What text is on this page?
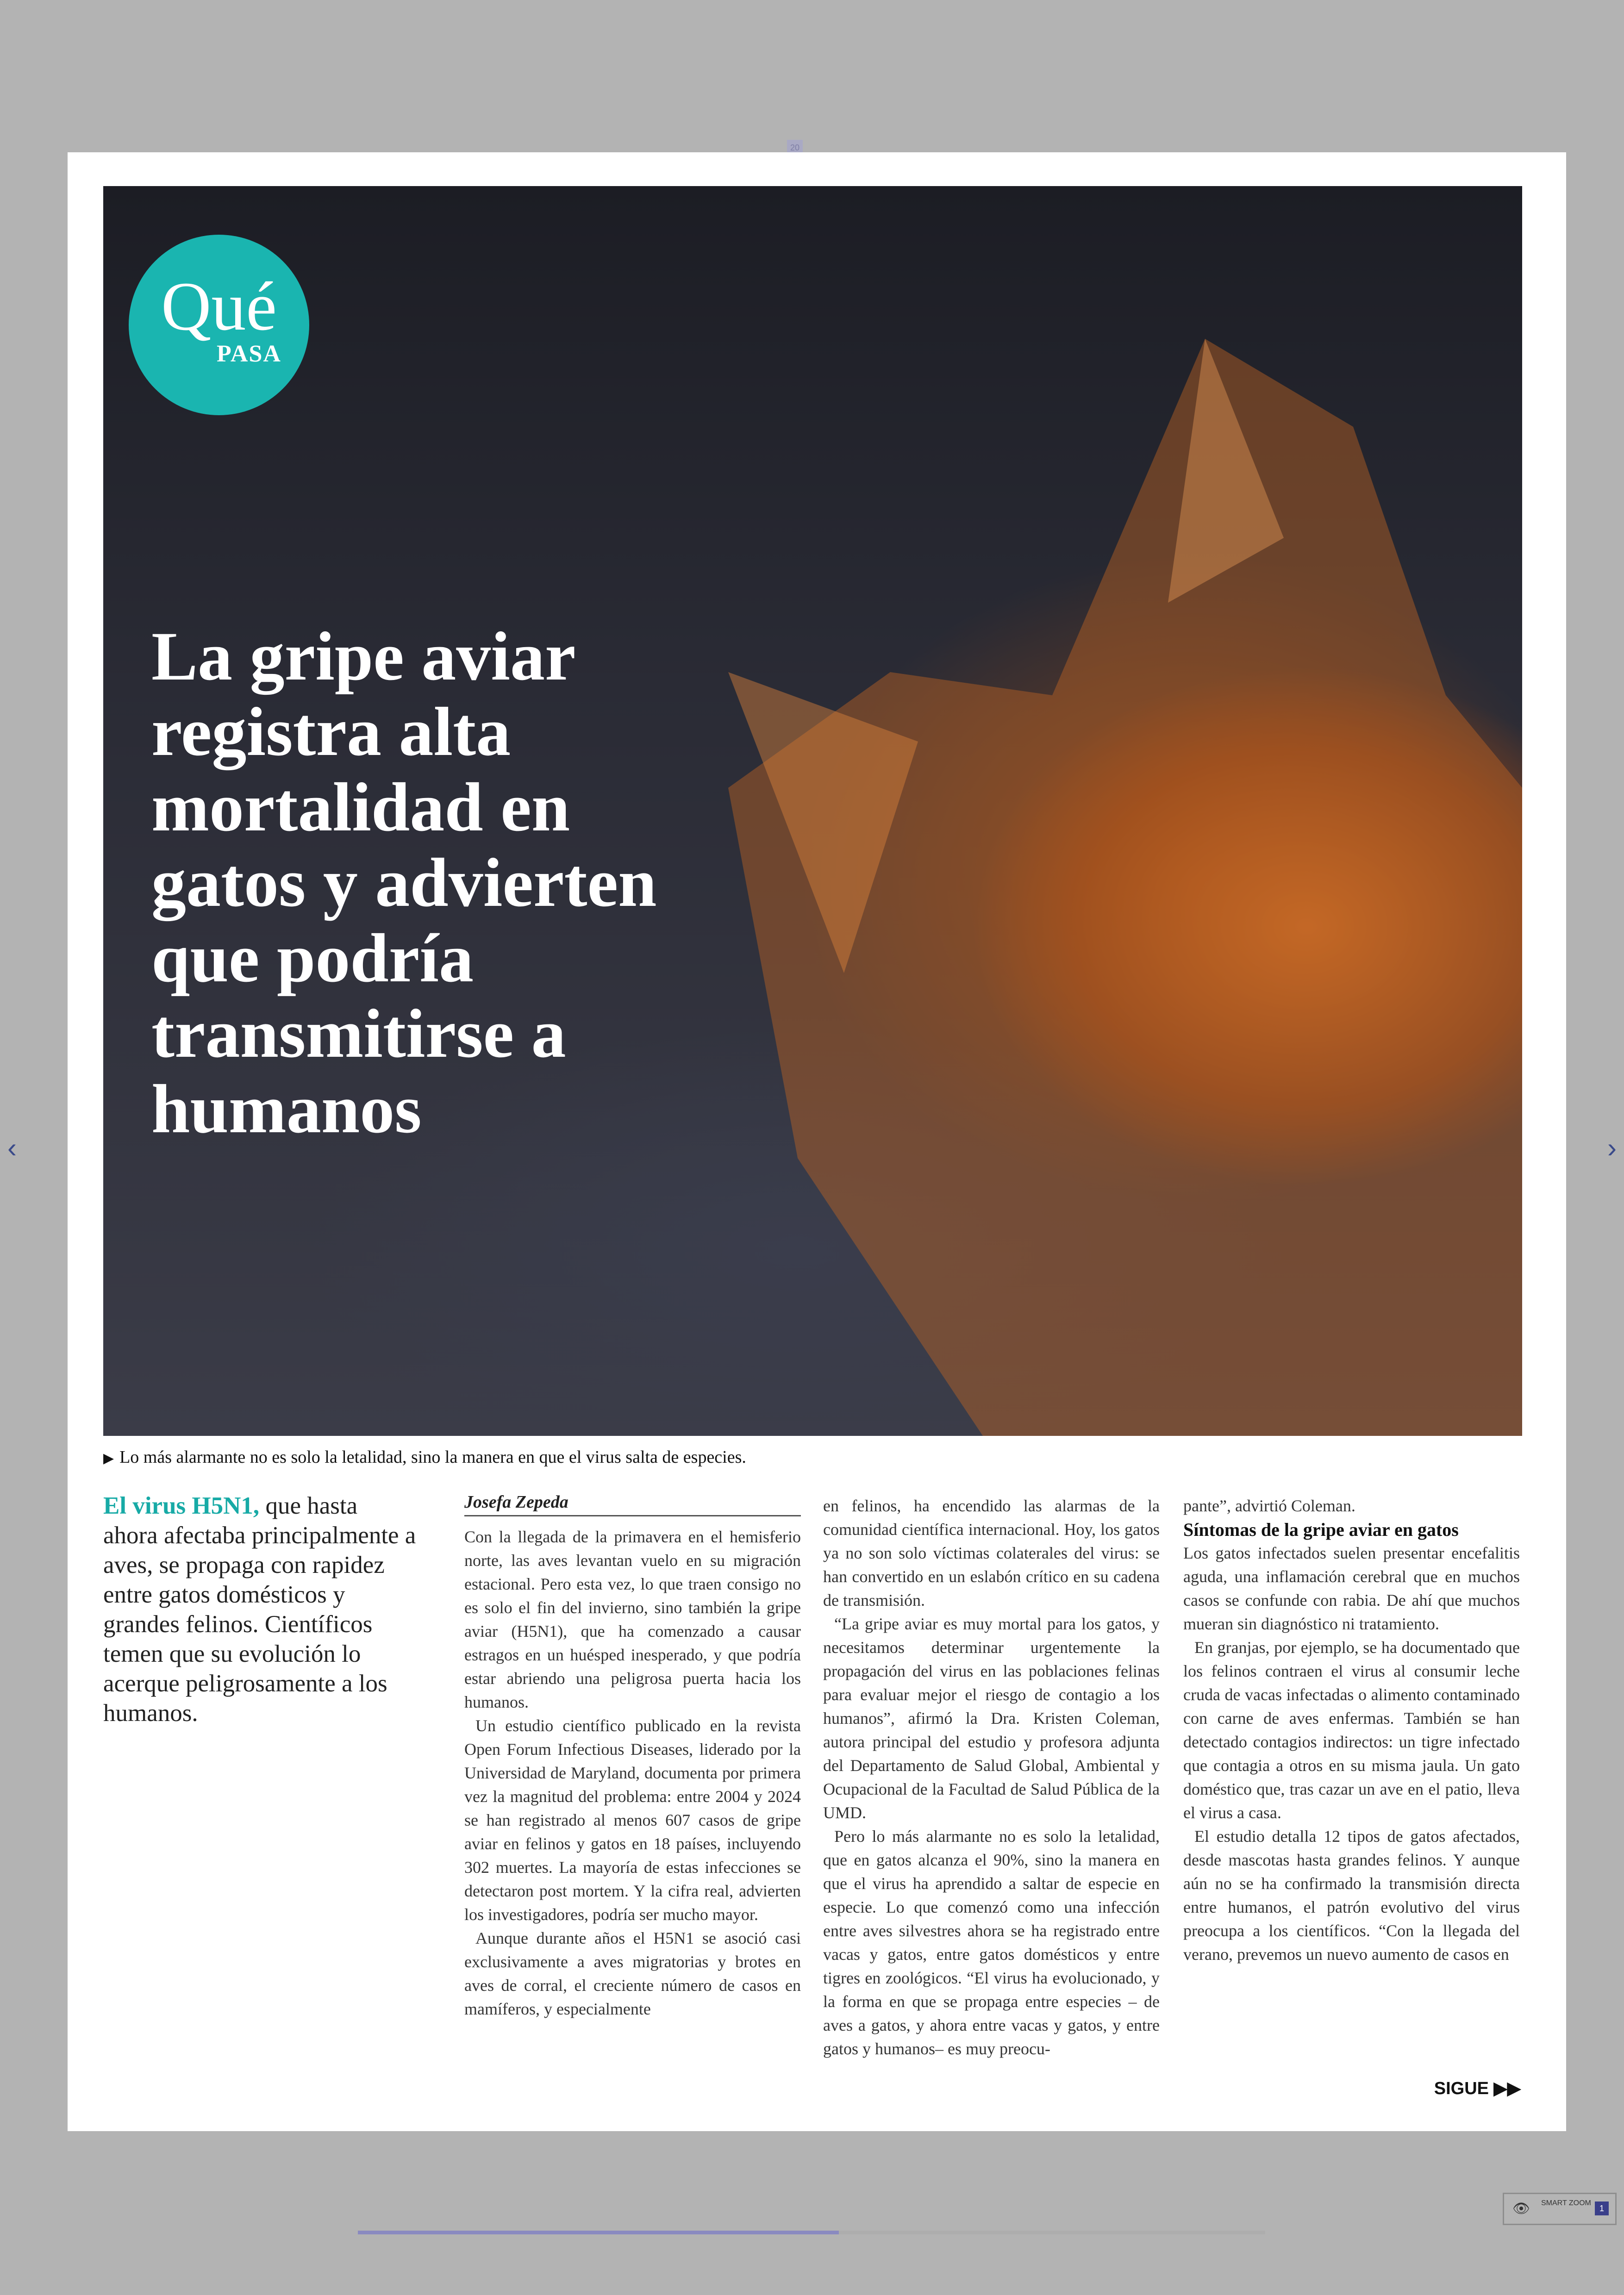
20
Qué
PASA
La gripe aviar registra alta mortalidad en gatos y advierten que podría transmitirse a humanos
▶ Lo más alarmante no es solo la letalidad, sino la manera en que el virus salta de especies.
El virus H5N1, que hasta ahora afectaba principalmente a aves, se propaga con rapidez entre gatos domésticos y grandes felinos. Científicos temen que su evolución lo acerque peligrosamente a los humanos.
Josefa Zepeda

Con la llegada de la primavera en el hemisferio norte, las aves levantan vuelo en su migración estacional. Pero esta vez, lo que traen consigo no es solo el fin del invierno, sino también la gripe aviar (H5N1), que ha comenzado a causar estragos en un huésped inesperado, y que podría estar abriendo una peligrosa puerta hacia los humanos.

Un estudio científico publicado en la revista Open Forum Infectious Diseases, liderado por la Universidad de Maryland, documenta por primera vez la magnitud del problema: entre 2004 y 2024 se han registrado al menos 607 casos de gripe aviar en felinos y gatos en 18 países, incluyendo 302 muertes. La mayoría de estas infecciones se detectaron post mortem. Y la cifra real, advierten los investigadores, podría ser mucho mayor.

Aunque durante años el H5N1 se asoció casi exclusivamente a aves migratorias y brotes en aves de corral, el creciente número de casos en mamíferos, y especialmente

en felinos, ha encendido las alarmas de la comunidad científica internacional. Hoy, los gatos ya no son solo víctimas colaterales del virus: se han convertido en un eslabón crítico en su cadena de transmisión.

“La gripe aviar es muy mortal para los gatos, y necesitamos determinar urgentemente la propagación del virus en las poblaciones felinas para evaluar mejor el riesgo de contagio a los humanos”, afirmó la Dra. Kristen Coleman, autora principal del estudio y profesora adjunta del Departamento de Salud Global, Ambiental y Ocupacional de la Facultad de Salud Pública de la UMD.

Pero lo más alarmante no es solo la letalidad, que en gatos alcanza el 90%, sino la manera en que el virus ha aprendido a saltar de especie en especie. Lo que comenzó como una infección entre aves silvestres ahora se ha registrado entre vacas y gatos, entre gatos domésticos y entre tigres en zoológicos. “El virus ha evolucionado, y la forma en que se propaga entre especies – de aves a gatos, y ahora entre vacas y gatos, y entre gatos y humanos– es muy preocu-

pante”, advirtió Coleman.

Síntomas de la gripe aviar en gatos

Los gatos infectados suelen presentar encefalitis aguda, una inflamación cerebral que en muchos casos se confunde con rabia. De ahí que muchos mueran sin diagnóstico ni tratamiento.

En granjas, por ejemplo, se ha documentado que los felinos contraen el virus al consumir leche cruda de vacas infectadas o alimento contaminado con carne de aves enfermas. También se han detectado contagios indirectos: un tigre infectado que contagia a otros en su misma jaula. Un gato doméstico que, tras cazar un ave en el patio, lleva el virus a casa.

El estudio detalla 12 tipos de gatos afectados, desde mascotas hasta grandes felinos. Y aunque aún no se ha confirmado la transmisión directa entre humanos, el patrón evolutivo del virus preocupa a los científicos. “Con la llegada del verano, prevemos un nuevo aumento de casos en

SIGUE ▶▶
‹	›
👁 SMART ZOOM
1
